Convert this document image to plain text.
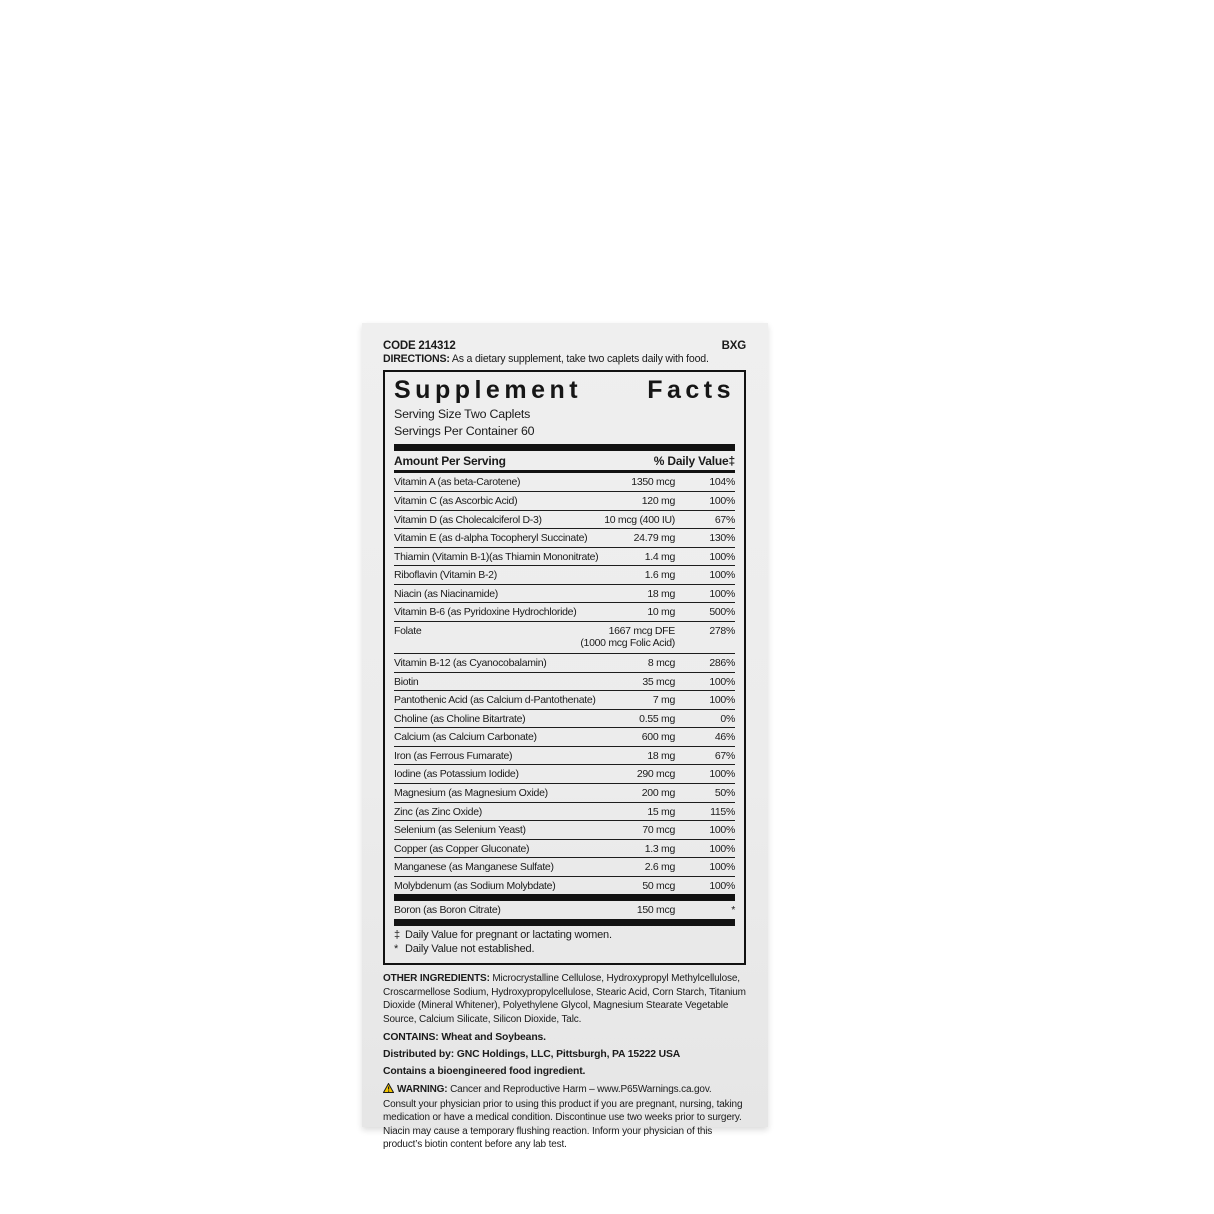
CODE 214312	BXG
DIRECTIONS: As a dietary supplement, take two caplets daily with food.
Supplement	Facts
Serving Size Two Caplets
Servings Per Container 60
Amount Per Serving	% Daily Value‡
Vitamin A (as beta-Carotene)	1350 mcg	104%
Vitamin C (as Ascorbic Acid)	120 mg	100%
Vitamin D (as Cholecalciferol D-3)	10 mcg (400 IU)	67%
Vitamin E (as d-alpha Tocopheryl Succinate)	24.79 mg	130%
Thiamin (Vitamin B-1)(as Thiamin Mononitrate)	1.4 mg	100%
Riboflavin (Vitamin B-2)	1.6 mg	100%
Niacin (as Niacinamide)	18 mg	100%
Vitamin B-6 (as Pyridoxine Hydrochloride)	10 mg	500%
Folate	1667 mcg DFE	278%
(1000 mcg Folic Acid)
Vitamin B-12 (as Cyanocobalamin)	8 mcg	286%
Biotin	35 mcg	100%
Pantothenic Acid (as Calcium d-Pantothenate)	7 mg	100%
Choline (as Choline Bitartrate)	0.55 mg	0%
Calcium (as Calcium Carbonate)	600 mg	46%
Iron (as Ferrous Fumarate)	18 mg	67%
Iodine (as Potassium Iodide)	290 mcg	100%
Magnesium (as Magnesium Oxide)	200 mg	50%
Zinc (as Zinc Oxide)	15 mg	115%
Selenium (as Selenium Yeast)	70 mcg	100%
Copper (as Copper Gluconate)	1.3 mg	100%
Manganese (as Manganese Sulfate)	2.6 mg	100%
Molybdenum (as Sodium Molybdate)	50 mcg	100%
Boron (as Boron Citrate)	150 mcg	*
‡ Daily Value for pregnant or lactating women.
* Daily Value not established.
OTHER INGREDIENTS: Microcrystalline Cellulose, Hydroxypropyl Methylcellulose, Croscarmellose Sodium, Hydroxypropylcellulose, Stearic Acid, Corn Starch, Titanium Dioxide (Mineral Whitener), Polyethylene Glycol, Magnesium Stearate Vegetable Source, Calcium Silicate, Silicon Dioxide, Talc.
CONTAINS: Wheat and Soybeans.
Distributed by: GNC Holdings, LLC, Pittsburgh, PA 15222 USA
Contains a bioengineered food ingredient.
WARNING: Cancer and Reproductive Harm – www.P65Warnings.ca.gov. Consult your physician prior to using this product if you are pregnant, nursing, taking medication or have a medical condition. Discontinue use two weeks prior to surgery. Niacin may cause a temporary flushing reaction. Inform your physician of this product’s biotin content before any lab test.
